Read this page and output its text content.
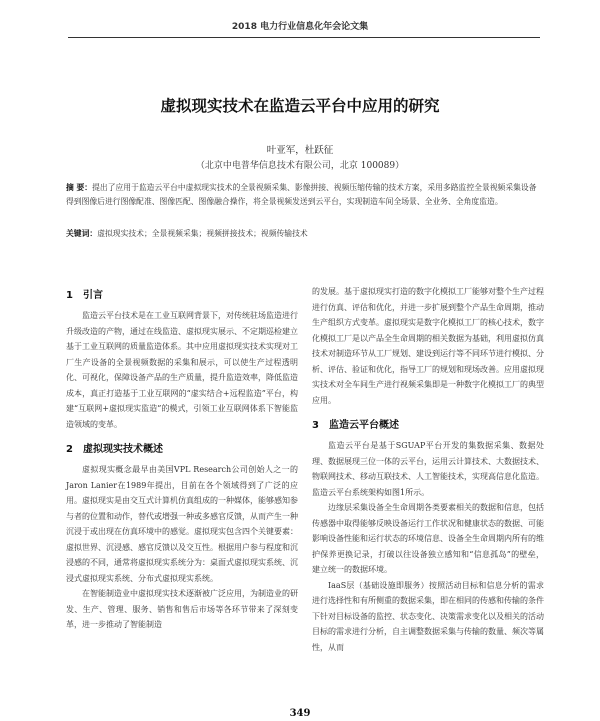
2018 电力行业信息化年会论文集
虚拟现实技术在监造云平台中应用的研究
叶亚军，杜跃征
（北京中电普华信息技术有限公司，北京 100089）

摘 要：提出了应用于监造云平台中虚拟现实技术的全景视频采集、影像拼接、视频压缩传输的技术方案，采用多路监控全景视频采集设备得到图像后进行图像配准、图像匹配、图像融合操作，将全景视频发送到云平台，实现制造车间全场景、全业务、全角度监造。

关键词：虚拟现实技术；全景视频采集；视频拼接技术；视频传输技术

1 引言

监造云平台技术是在工业互联网背景下，对传统驻场监造进行升级改造的产物，通过在线监造、虚拟现实展示、不定期巡检建立基于工业互联网的质量监造体系。其中应用虚拟现实技术实现对工厂生产设备的全景视频数据的采集和展示，可以使生产过程透明化、可视化，保障设备产品的生产质量，提升监造效率，降低监造成本，真正打造基于工业互联网的“虚实结合+远程监造”平台，构建“互联网+虚拟现实监造”的模式，引领工业互联网体系下智能监造领域的变革。

2 虚拟现实技术概述

虚拟现实概念最早由美国VPL Research公司创始人之一的Jaron Lanier在1989年提出，目前在各个领域得到了广泛的应用。虚拟现实是由交互式计算机仿真组成的一种媒体，能够感知参与者的位置和动作，替代或增强一种或多感官反馈，从而产生一种沉浸于或出现在仿真环境中的感觉。虚拟现实包含四个关键要素：虚拟世界、沉浸感、感官反馈以及交互性。根据用户参与程度和沉浸感的不同，通常将虚拟现实系统分为：桌面式虚拟现实系统、沉浸式虚拟现实系统、分布式虚拟现实系统。

在智能制造业中虚拟现实技术逐渐被广泛应用，为制造业的研发、生产、管理、服务、销售和售后市场等各环节带来了深刻变革，进一步推动了智能制造

的发展。基于虚拟现实打造的数字化模拟工厂能够对整个生产过程进行仿真、评估和优化，并进一步扩展到整个产品生命周期，推动生产组织方式变革。虚拟现实是数字化模拟工厂的核心技术，数字化模拟工厂是以产品全生命周期的相关数据为基础，利用虚拟仿真技术对制造环节从工厂规划、建设到运行等不同环节进行模拟、分析、评估、验证和优化，指导工厂的规划和现场改善。应用虚拟现实技术对全车间生产进行视频采集即是一种数字化模拟工厂的典型应用。

3 监造云平台概述

监造云平台是基于SGUAP平台开发的集数据采集、数据处理、数据展现三位一体的云平台，运用云计算技术、大数据技术、物联网技术、移动互联技术、人工智能技术，实现高信息化监造。监造云平台系统架构如图1所示。

边缘层采集设备全生命周期各类要素相关的数据和信息，包括传感器中取得能够反映设备运行工作状况和健康状态的数据、可能影响设备性能和运行状态的环境信息、设备全生命周期内所有的维护保养更换记录，打破以往设备独立感知和“信息孤岛”的壁垒，建立统一的数据环境。

IaaS层（基础设施即服务）按照活动目标和信息分析的需求进行选择性和有所侧重的数据采集，即在相同的传感和传输的条件下针对目标设备的监控、状态变化、决策需求变化以及相关的活动目标的需求进行分析，自主调整数据采集与传输的数量、频次等属性，从而

349
